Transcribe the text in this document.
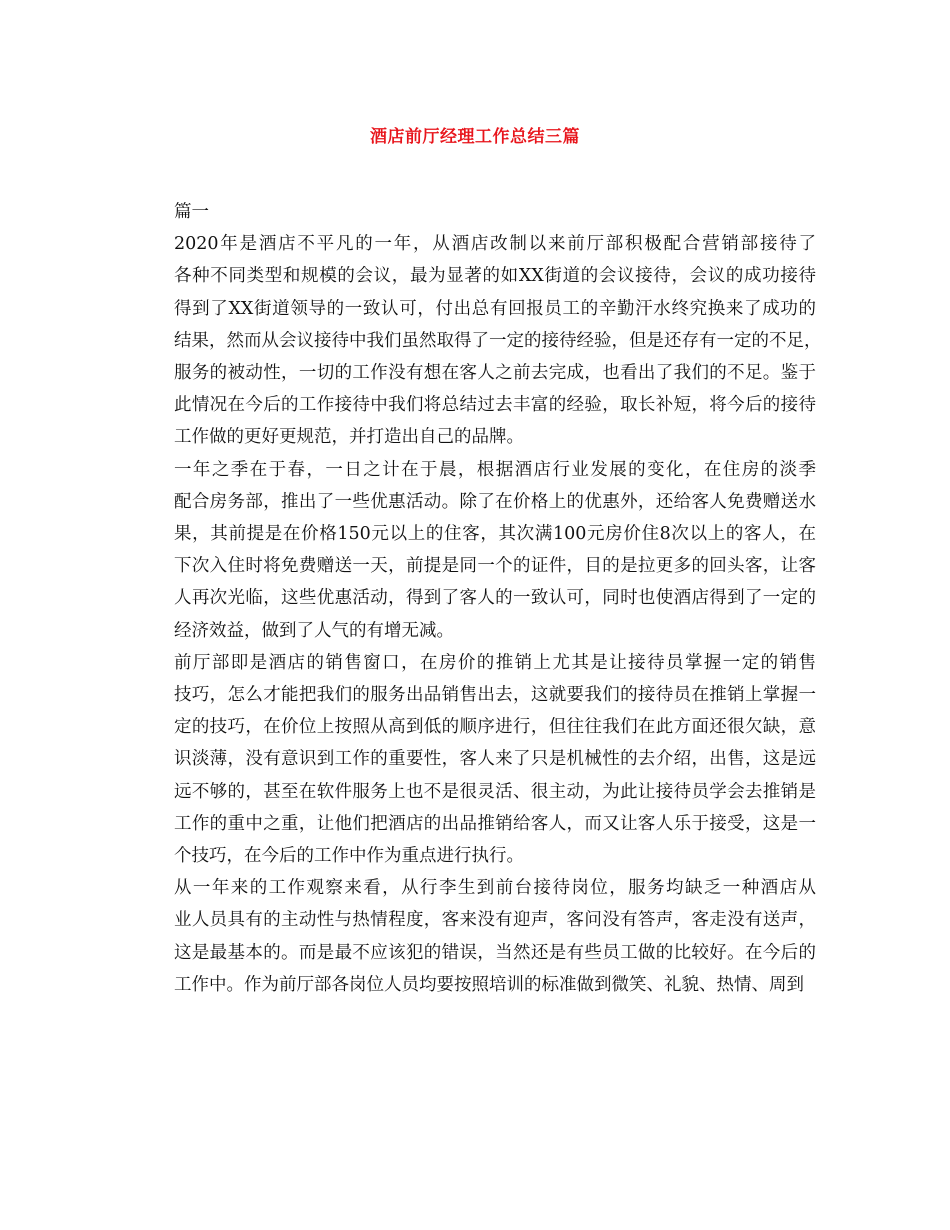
酒店前厅经理工作总结三篇

篇一

2020年是酒店不平凡的一年，从酒店改制以来前厅部积极配合营销部接待了
各种不同类型和规模的会议，最为显著的如XX街道的会议接待，会议的成功接待
得到了XX街道领导的一致认可，付出总有回报员工的辛勤汗水终究换来了成功的
结果，然而从会议接待中我们虽然取得了一定的接待经验，但是还存有一定的不足，
服务的被动性，一切的工作没有想在客人之前去完成，也看出了我们的不足。鉴于
此情况在今后的工作接待中我们将总结过去丰富的经验，取长补短，将今后的接待
工作做的更好更规范，并打造出自己的品牌。

一年之季在于春，一日之计在于晨，根据酒店行业发展的变化，在住房的淡季
配合房务部，推出了一些优惠活动。除了在价格上的优惠外，还给客人免费赠送水
果，其前提是在价格150元以上的住客，其次满100元房价住8次以上的客人，在
下次入住时将免费赠送一天，前提是同一个的证件，目的是拉更多的回头客，让客
人再次光临，这些优惠活动，得到了客人的一致认可，同时也使酒店得到了一定的
经济效益，做到了人气的有增无减。

前厅部即是酒店的销售窗口，在房价的推销上尤其是让接待员掌握一定的销售
技巧，怎么才能把我们的服务出品销售出去，这就要我们的接待员在推销上掌握一
定的技巧，在价位上按照从高到低的顺序进行，但往往我们在此方面还很欠缺，意
识淡薄，没有意识到工作的重要性，客人来了只是机械性的去介绍，出售，这是远
远不够的，甚至在软件服务上也不是很灵活、很主动，为此让接待员学会去推销是
工作的重中之重，让他们把酒店的出品推销给客人，而又让客人乐于接受，这是一
个技巧，在今后的工作中作为重点进行执行。

从一年来的工作观察来看，从行李生到前台接待岗位，服务均缺乏一种酒店从
业人员具有的主动性与热情程度，客来没有迎声，客问没有答声，客走没有送声，
这是最基本的。而是最不应该犯的错误，当然还是有些员工做的比较好。在今后的
工作中。作为前厅部各岗位人员均要按照培训的标准做到微笑、礼貌、热情、周到
